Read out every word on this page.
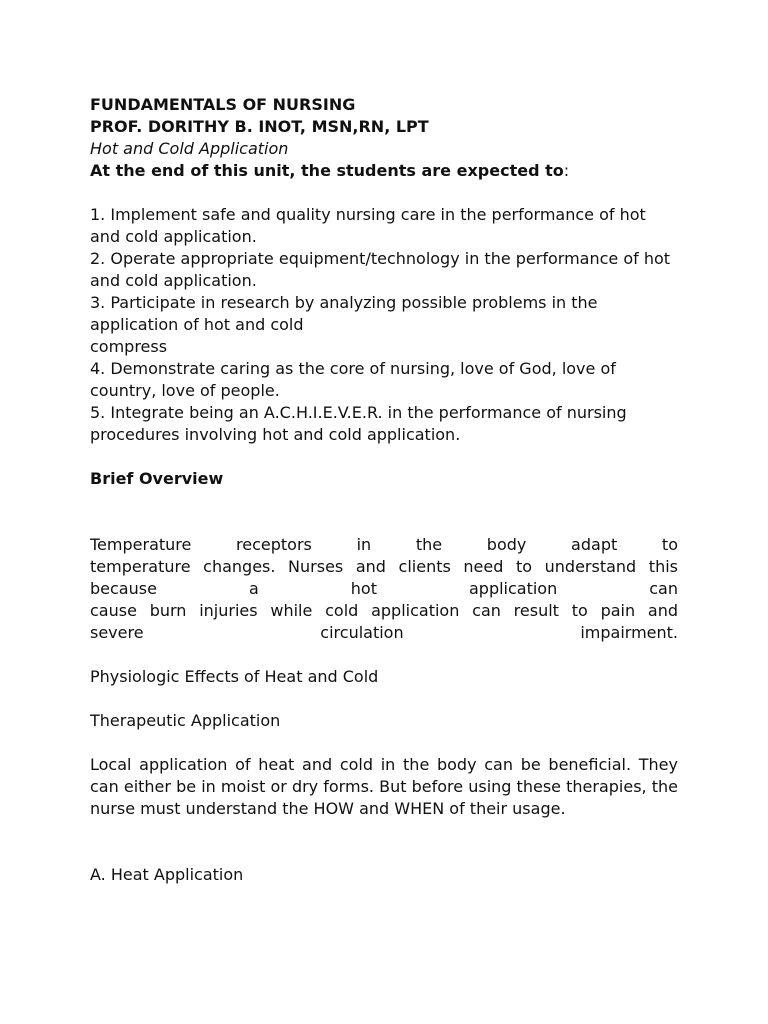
FUNDAMENTALS OF NURSING
PROF. DORITHY B. INOT, MSN,RN, LPT
Hot and Cold Application
At the end of this unit, the students are expected to:
1. Implement safe and quality nursing care in the performance of hot and cold application.
2. Operate appropriate equipment/technology in the performance of hot and cold application.
3. Participate in research by analyzing possible problems in the application of hot and cold
compress
4. Demonstrate caring as the core of nursing, love of God, love of country, love of people.
5. Integrate being an A.C.H.I.E.V.E.R. in the performance of nursing procedures involving hot and cold application.
Brief Overview
Temperature receptors in the body adapt to
temperature changes. Nurses and clients need to understand this
because a hot application can
cause burn injuries while cold application can result to pain and
severe circulation impairment.
Physiologic Effects of Heat and Cold
Therapeutic Application
Local application of heat and cold in the body can be beneficial. They can either be in moist or dry forms. But before using these therapies, the nurse must understand the HOW and WHEN of their usage.
A. Heat Application
